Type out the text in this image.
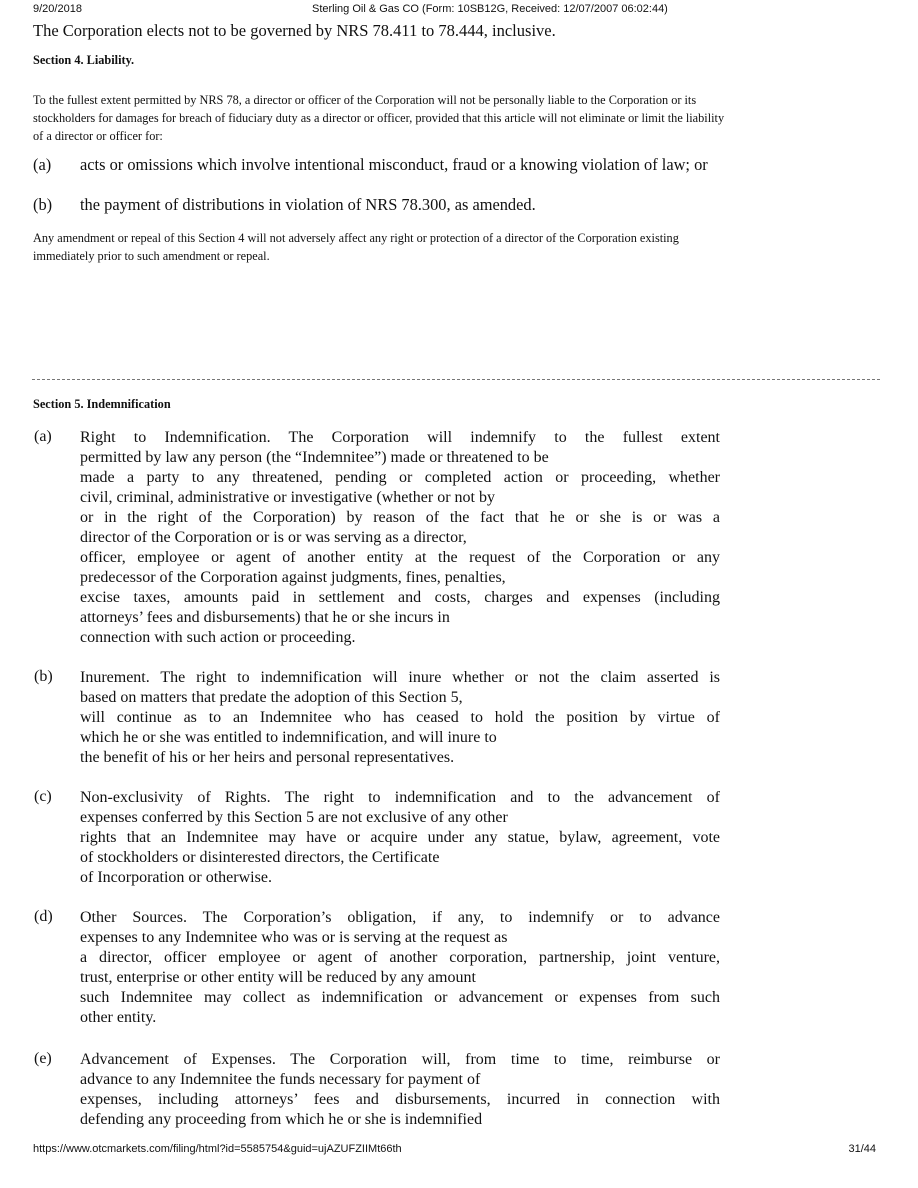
9/20/2018	Sterling Oil & Gas CO (Form: 10SB12G, Received: 12/07/2007 06:02:44)
The Corporation elects not to be governed by NRS 78.411 to 78.444, inclusive.
Section 4. Liability.
To the fullest extent permitted by NRS 78, a director or officer of the Corporation will not be personally liable to the Corporation or its
stockholders for damages for breach of fiduciary duty as a director or officer, provided that this article will not eliminate or limit the liability
of a director or officer for:
(a) acts or omissions which involve intentional misconduct, fraud or a knowing violation of law; or
(b) the payment of distributions in violation of NRS 78.300, as amended.
Any amendment or repeal of this Section 4 will not adversely affect any right or protection of a director of the Corporation existing
immediately prior to such amendment or repeal.
Section 5. Indemnification
(a) Right to Indemnification. The Corporation will indemnify to the fullest extent
permitted by law any person (the “Indemnitee”) made or threatened to be
made a party to any threatened, pending or completed action or proceeding, whether
civil, criminal, administrative or investigative (whether or not by
or in the right of the Corporation) by reason of the fact that he or she is or was a
director of the Corporation or is or was serving as a director,
officer, employee or agent of another entity at the request of the Corporation or any
predecessor of the Corporation against judgments, fines, penalties,
excise taxes, amounts paid in settlement and costs, charges and expenses (including
attorneys’ fees and disbursements) that he or she incurs in
connection with such action or proceeding.
(b) Inurement. The right to indemnification will inure whether or not the claim asserted is
based on matters that predate the adoption of this Section 5,
will continue as to an Indemnitee who has ceased to hold the position by virtue of
which he or she was entitled to indemnification, and will inure to
the benefit of his or her heirs and personal representatives.
(c) Non-exclusivity of Rights. The right to indemnification and to the advancement of
expenses conferred by this Section 5 are not exclusive of any other
rights that an Indemnitee may have or acquire under any statue, bylaw, agreement, vote
of stockholders or disinterested directors, the Certificate
of Incorporation or otherwise.
(d) Other Sources. The Corporation’s obligation, if any, to indemnify or to advance
expenses to any Indemnitee who was or is serving at the request as
a director, officer employee or agent of another corporation, partnership, joint venture,
trust, enterprise or other entity will be reduced by any amount
such Indemnitee may collect as indemnification or advancement or expenses from such
other entity.
(e) Advancement of Expenses. The Corporation will, from time to time, reimburse or
advance to any Indemnitee the funds necessary for payment of
expenses, including attorneys’ fees and disbursements, incurred in connection with
defending any proceeding from which he or she is indemnified
https://www.otcmarkets.com/filing/html?id=5585754&guid=ujAZUFZIIMt66th	31/44
